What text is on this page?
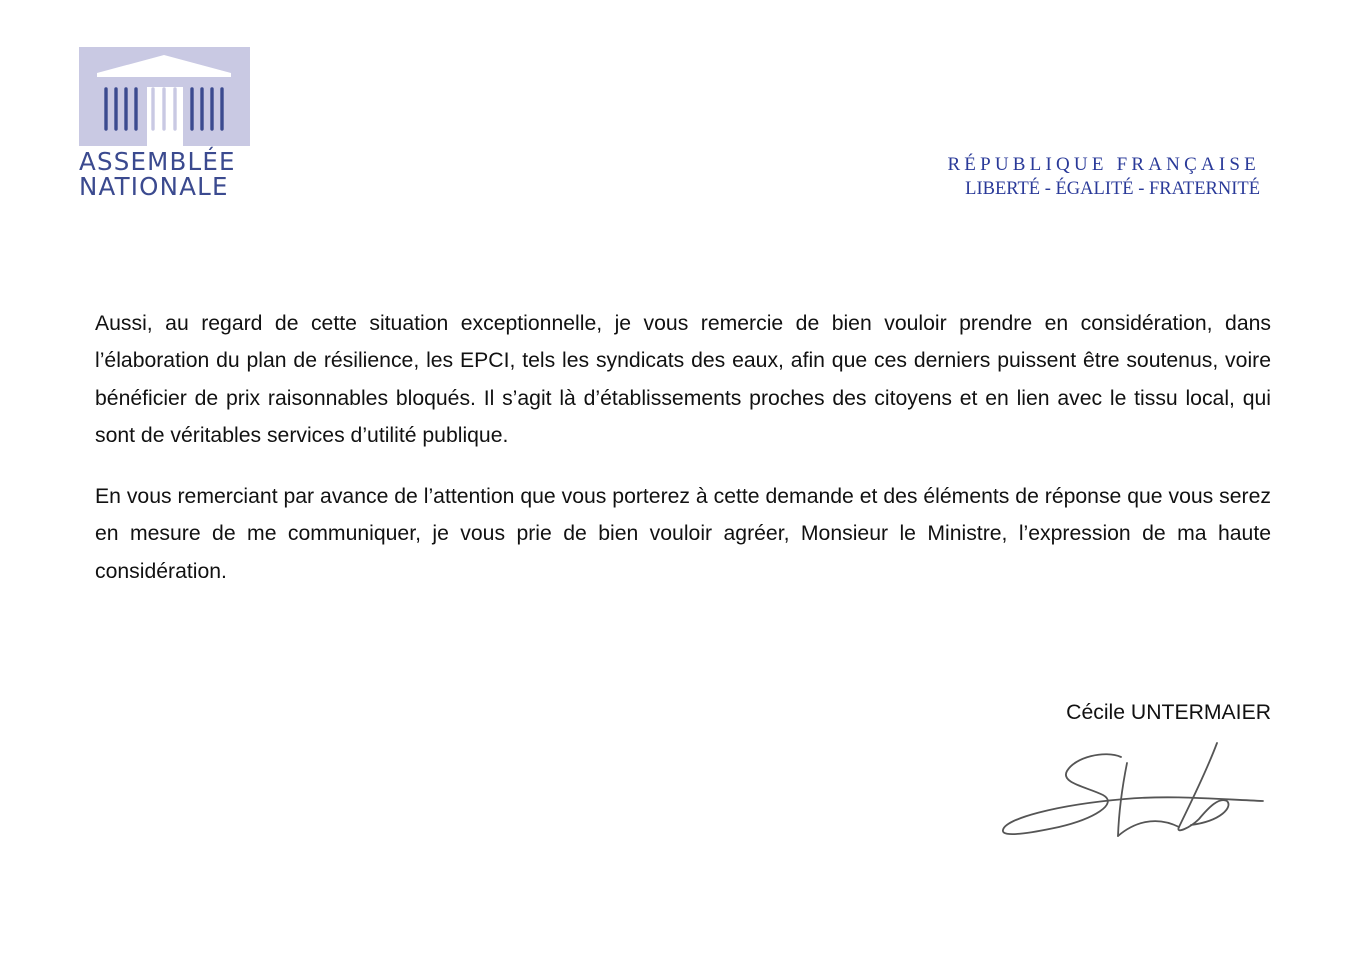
ASSEMBLÉE
NATIONALE
RÉPUBLIQUE FRANÇAISE
LIBERTÉ - ÉGALITÉ - FRATERNITÉ

Aussi, au regard de cette situation exceptionnelle, je vous remercie de bien vouloir prendre en considération, dans l’élaboration du plan de résilience, les EPCI, tels les syndicats des eaux, afin que ces derniers puissent être soutenus, voire bénéficier de prix raisonnables bloqués. Il s’agit là d’établissements proches des citoyens et en lien avec le tissu local, qui sont de véritables services d’utilité publique.

En vous remerciant par avance de l’attention que vous porterez à cette demande et des éléments de réponse que vous serez en mesure de me communiquer, je vous prie de bien vouloir agréer, Monsieur le Ministre, l’expression de ma haute considération.

Cécile UNTERMAIER
